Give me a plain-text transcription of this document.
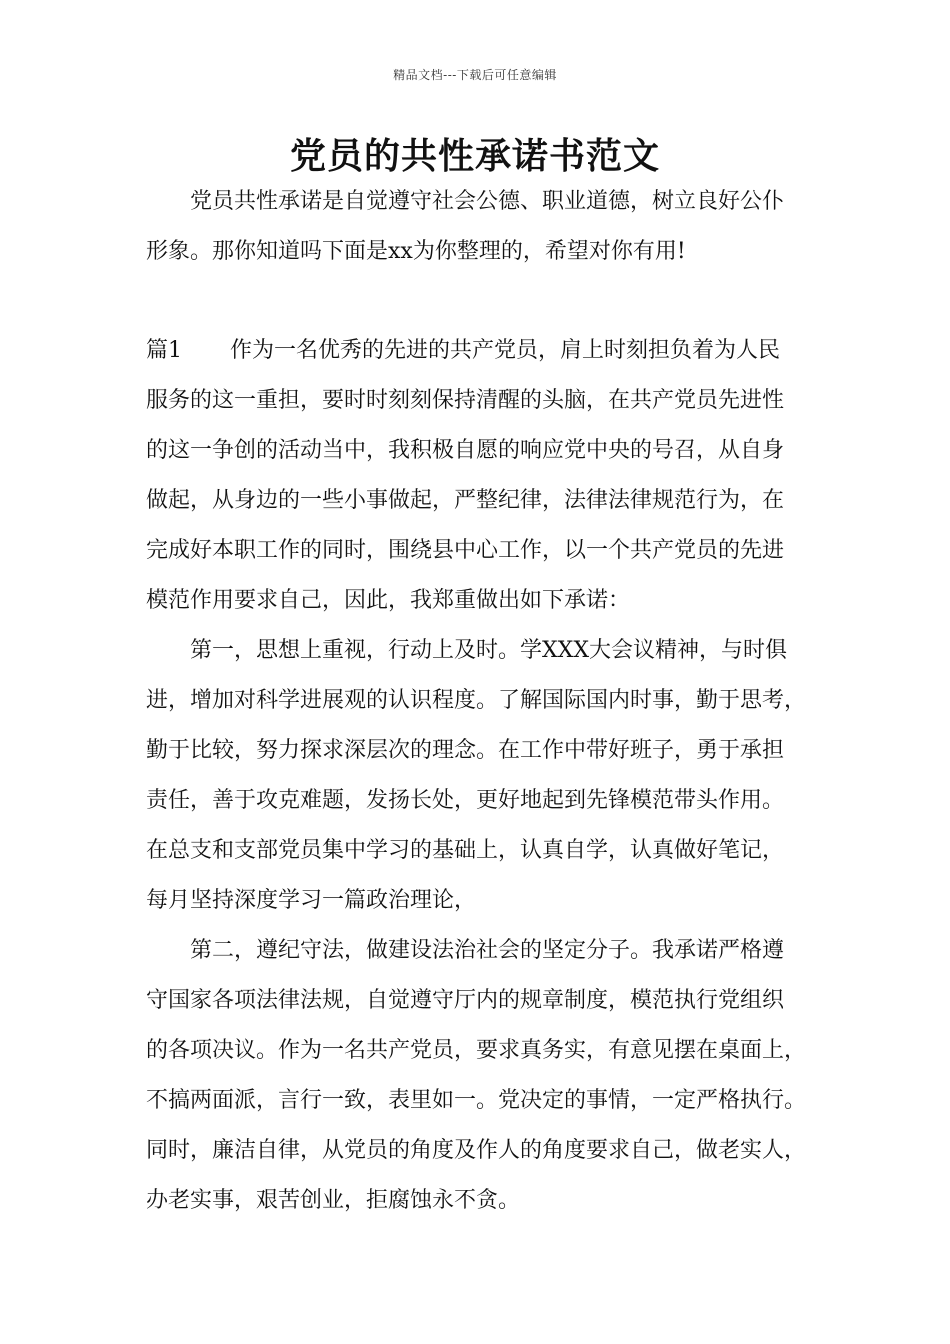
精品文档---下载后可任意编辑
党员的共性承诺书范文
党员共性承诺是自觉遵守社会公德、职业道德，树立良好公仆
形象。那你知道吗下面是xx为你整理的，希望对你有用!
篇1 作为一名优秀的先进的共产党员，肩上时刻担负着为人民
服务的这一重担，要时时刻刻保持清醒的头脑，在共产党员先进性
的这一争创的活动当中，我积极自愿的响应党中央的号召，从自身
做起，从身边的一些小事做起，严整纪律，法律法律规范行为，在
完成好本职工作的同时，围绕县中心工作，以一个共产党员的先进
模范作用要求自己，因此，我郑重做出如下承诺：
第一，思想上重视，行动上及时。学XXX大会议精神，与时俱
进，增加对科学进展观的认识程度。了解国际国内时事，勤于思考，
勤于比较，努力探求深层次的理念。在工作中带好班子，勇于承担
责任，善于攻克难题，发扬长处，更好地起到先锋模范带头作用。
在总支和支部党员集中学习的基础上，认真自学，认真做好笔记，
每月坚持深度学习一篇政治理论，
第二，遵纪守法，做建设法治社会的坚定分子。我承诺严格遵
守国家各项法律法规，自觉遵守厅内的规章制度，模范执行党组织
的各项决议。作为一名共产党员，要求真务实，有意见摆在桌面上，
不搞两面派，言行一致，表里如一。党决定的事情，一定严格执行。
同时，廉洁自律，从党员的角度及作人的角度要求自己，做老实人，
办老实事，艰苦创业，拒腐蚀永不贪。
